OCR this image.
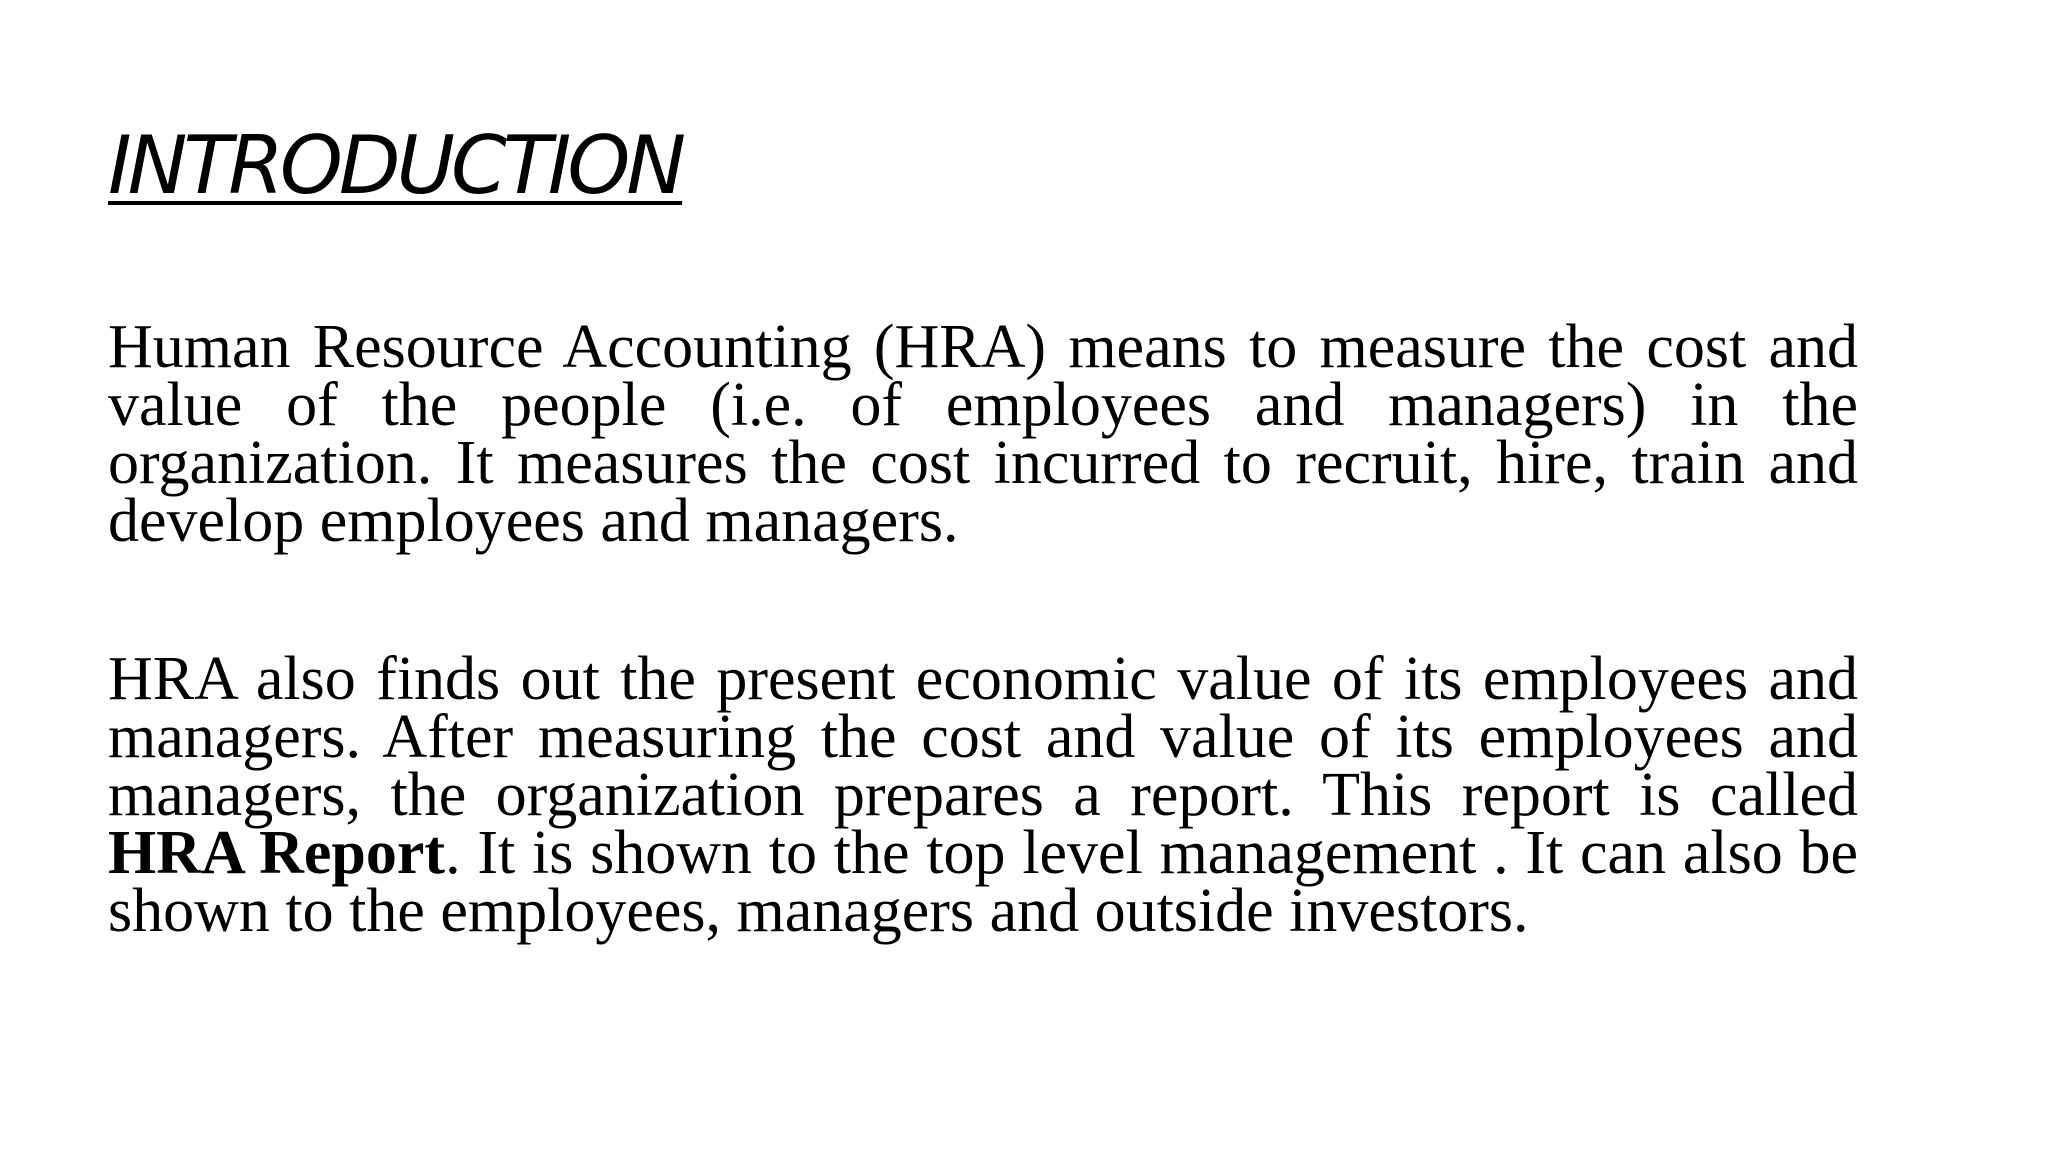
INTRODUCTION

Human Resource Accounting (HRA) means to measure the cost and value of the people (i.e. of employees and managers) in the organization. It measures the cost incurred to recruit, hire, train and develop employees and managers.

HRA also finds out the present economic value of its employees and managers. After measuring the cost and value of its employees and managers, the organization prepares a report. This report is called HRA Report. It is shown to the top level management . It can also be shown to the employees, managers and outside investors.
